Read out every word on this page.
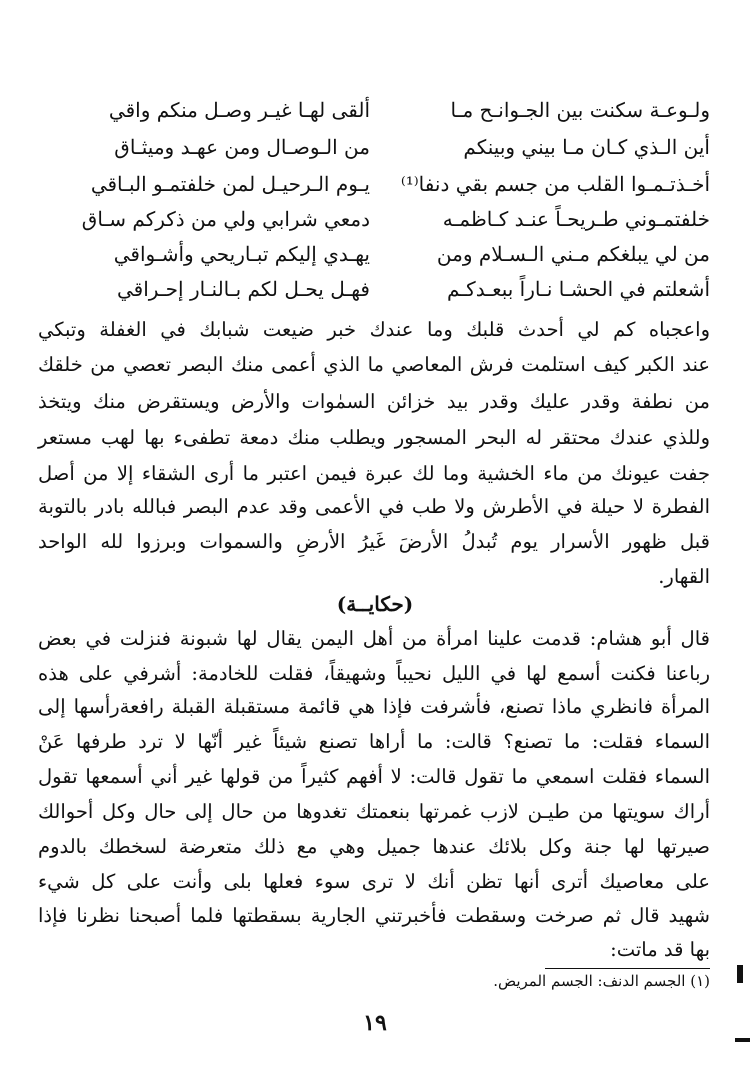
ولـوعـة سكنت بين الجـوانـح مـا
ألقى لهـا غيـر وصـل منكم واقي
أين الـذي كـان مـا بيني وبينكم
من الـوصـال ومن عهـد وميثـاق
أخـذتـمـوا القلب من جسم بقي دنفا⁽¹⁾
يـوم الـرحيـل لمن خلفتمـو البـاقي
خلفتمـوني طـريحـاً عنـد كـاظمـه
دمعي شرابي ولي من ذكركم سـاق
من لي يبلغكم مـني الـسـلام ومن
يهـدي إليكم تبـاريحي وأشـواقي
أشعلتم في الحشـا نـاراً ببعـدكـم
فهـل يحـل لكم بـالنـار إحـراقي
واعجباه كم لي أحدث قلبك وما عندك خبر ضيعت شبابك في الغفلة وتبكي
عند الكبر كيف استلمت فرش المعاصي ما الذي أعمى منك البصر تعصي من خلقك
من نطفة وقدر عليك وقدر بيد خزائن السمٰوات والأرض ويستقرض منك ويتخذ
وللذي عندك محتقر له البحر المسجور ويطلب منك دمعة تطفىء بها لهب مستعر
جفت عيونك من ماء الخشية وما لك عبرة فيمن اعتبر ما أرى الشقاء إلا من أصل
الفطرة لا حيلة في الأطرش ولا طب في الأعمى وقد عدم البصر فبالله بادر بالتوبة
قبل ظهور الأسرار يوم تُبدلُ الأرضَ غَيرُ الأرضِ والسموات وبرزوا لله الواحد
القهار.
(حكايــة)
قال أبو هشام: قدمت علينا امرأة من أهل اليمن يقال لها شبونة فنزلت في بعض
رباعنا فكنت أسمع لها في الليل نحيباً وشهيقاً، فقلت للخادمة: أشرفي على هذه
المرأة فانظري ماذا تصنع، فأشرفت فإذا هي قائمة مستقبلة القبلة رافعةرأسها إلى
السماء فقلت: ما تصنع؟ قالت: ما أراها تصنع شيئاً غير أنّها لا ترد طرفها عَنْ
السماء فقلت اسمعي ما تقول قالت: لا أفهم كثيراً من قولها غير أني أسمعها تقول
أراك سويتها من طيـن لازب غمرتها بنعمتك تغدوها من حال إلى حال وكل أحوالك
صيرتها لها جنة وكل بلائك عندها جميل وهي مع ذلك متعرضة لسخطك بالدوم
على معاصيك أترى أنها تظن أنك لا ترى سوء فعلها بلى وأنت على كل شيء
شهيد قال ثم صرخت وسقطت فأخبرتني الجارية بسقطتها فلما أصبحنا نظرنا فإذا
بها قد ماتت:
(١) الجسم الدنف: الجسم المريض.
١٩
